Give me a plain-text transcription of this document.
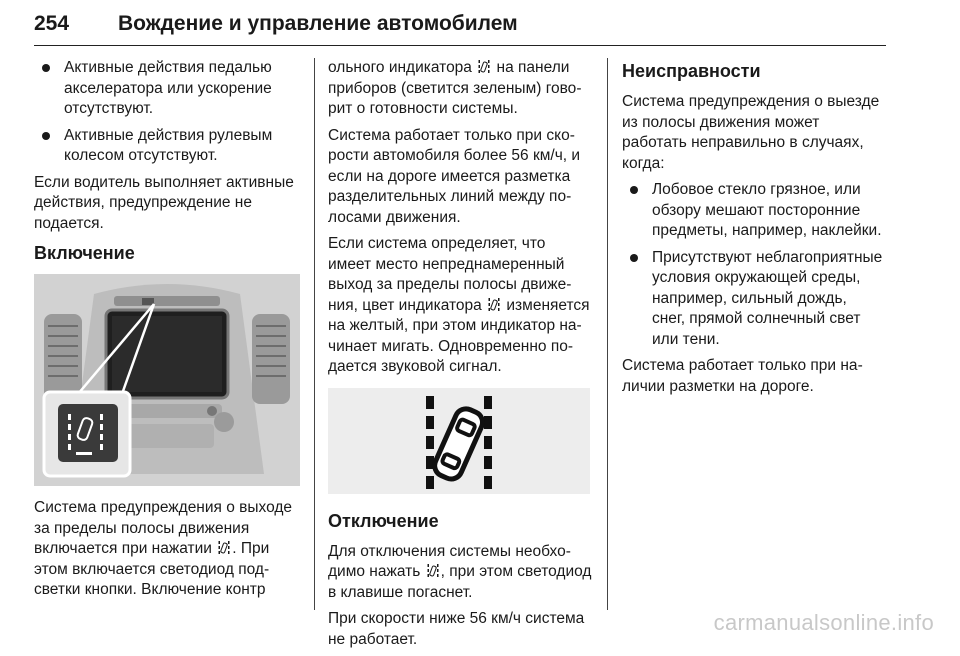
254 Вождение и управление автомобилем
Активные действия педалью акселератора или ускорение отсутствуют.
Активные действия рулевым колесом отсутствуют.

Если водитель выполняет активные действия, предупреждение не подается.

Включение

Система предупреждения о выходе за пределы полосы движения включается при нажатии . При этом включается светодиод подсветки кнопки. Включение контр

ольного индикатора  на панели приборов (светится зеленым) говорит о готовности системы.

Система работает только при скорости автомобиля более 56 км/ч, и если на дороге имеется разметка разделительных линий между полосами движения.

Если система определяет, что имеет место непреднамеренный выход за пределы полосы движения, цвет индикатора  изменяется на желтый, при этом индикатор начинает мигать. Одновременно подается звуковой сигнал.

Отключение

Для отключения системы необходимо нажать , при этом светодиод в клавише погаснет.

При скорости ниже 56 км/ч система не работает.

Неисправности

Система предупреждения о выезде из полосы движения может работать неправильно в случаях, когда:

Лобовое стекло грязное, или обзору мешают посторонние предметы, например, наклейки.
Присутствуют неблагоприятные условия окружающей среды, например, сильный дождь, снег, прямой солнечный свет или тени.

Система работает только при наличии разметки на дороге.

carmanualsonline.info
